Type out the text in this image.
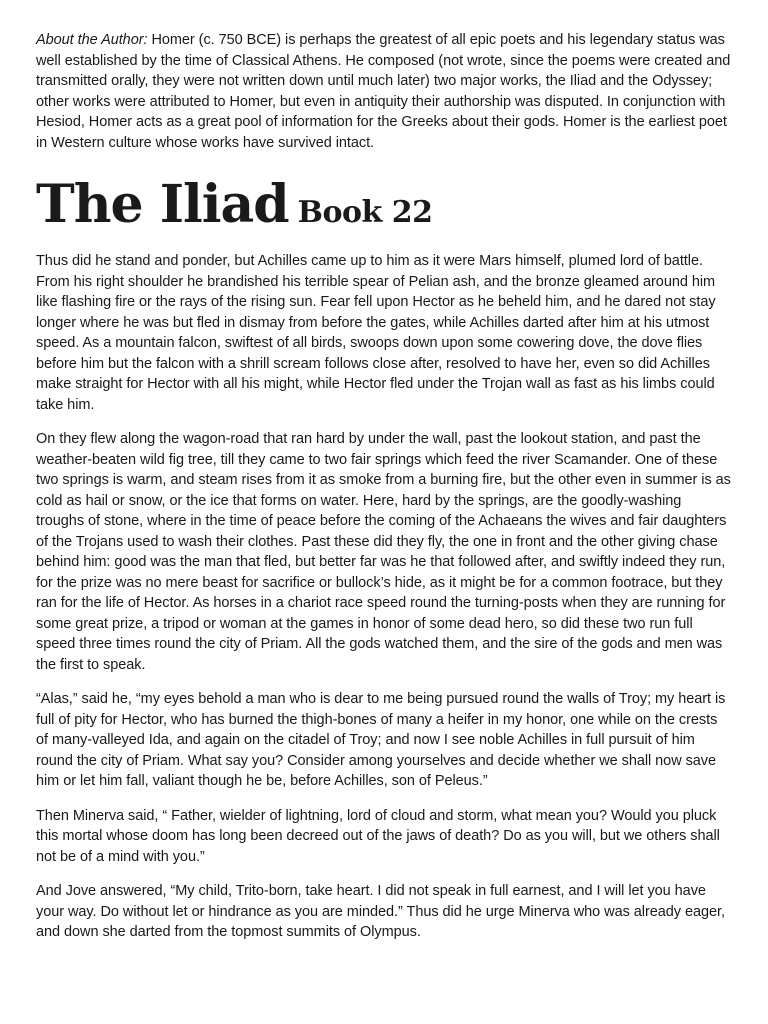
About the Author: Homer (c. 750 BCE) is perhaps the greatest of all epic poets and his legendary status was well established by the time of Classical Athens. He composed (not wrote, since the poems were created and transmitted orally, they were not written down until much later) two major works, the Iliad and the Odyssey; other works were attributed to Homer, but even in antiquity their authorship was disputed. In conjunction with Hesiod, Homer acts as a great pool of information for the Greeks about their gods. Homer is the earliest poet in Western culture whose works have survived intact.

The Iliad Book 22

Thus did he stand and ponder, but Achilles came up to him as it were Mars himself, plumed lord of battle. From his right shoulder he brandished his terrible spear of Pelian ash, and the bronze gleamed around him like flashing fire or the rays of the rising sun. Fear fell upon Hector as he beheld him, and he dared not stay longer where he was but fled in dismay from before the gates, while Achilles darted after him at his utmost speed. As a mountain falcon, swiftest of all birds, swoops down upon some cowering dove, the dove flies before him but the falcon with a shrill scream follows close after, resolved to have her, even so did Achilles make straight for Hector with all his might, while Hector fled under the Trojan wall as fast as his limbs could take him.

On they flew along the wagon-road that ran hard by under the wall, past the lookout station, and past the weather-beaten wild fig tree, till they came to two fair springs which feed the river Scamander. One of these two springs is warm, and steam rises from it as smoke from a burning fire, but the other even in summer is as cold as hail or snow, or the ice that forms on water. Here, hard by the springs, are the goodly-washing troughs of stone, where in the time of peace before the coming of the Achaeans the wives and fair daughters of the Trojans used to wash their clothes. Past these did they fly, the one in front and the other giving chase behind him: good was the man that fled, but better far was he that followed after, and swiftly indeed they run, for the prize was no mere beast for sacrifice or bullock’s hide, as it might be for a common footrace, but they ran for the life of Hector. As horses in a chariot race speed round the turning-posts when they are running for some great prize, a tripod or woman at the games in honor of some dead hero, so did these two run full speed three times round the city of Priam. All the gods watched them, and the sire of the gods and men was the first to speak.

“Alas,” said he, “my eyes behold a man who is dear to me being pursued round the walls of Troy; my heart is full of pity for Hector, who has burned the thigh-bones of many a heifer in my honor, one while on the crests of many-valleyed Ida, and again on the citadel of Troy; and now I see noble Achilles in full pursuit of him round the city of Priam. What say you? Consider among yourselves and decide whether we shall now save him or let him fall, valiant though he be, before Achilles, son of Peleus.”

Then Minerva said, “ Father, wielder of lightning, lord of cloud and storm, what mean you? Would you pluck this mortal whose doom has long been decreed out of the jaws of death? Do as you will, but we others shall not be of a mind with you.”

And Jove answered, “My child, Trito-born, take heart. I did not speak in full earnest, and I will let you have your way. Do without let or hindrance as you are minded.” Thus did he urge Minerva who was already eager, and down she darted from the topmost summits of Olympus.
